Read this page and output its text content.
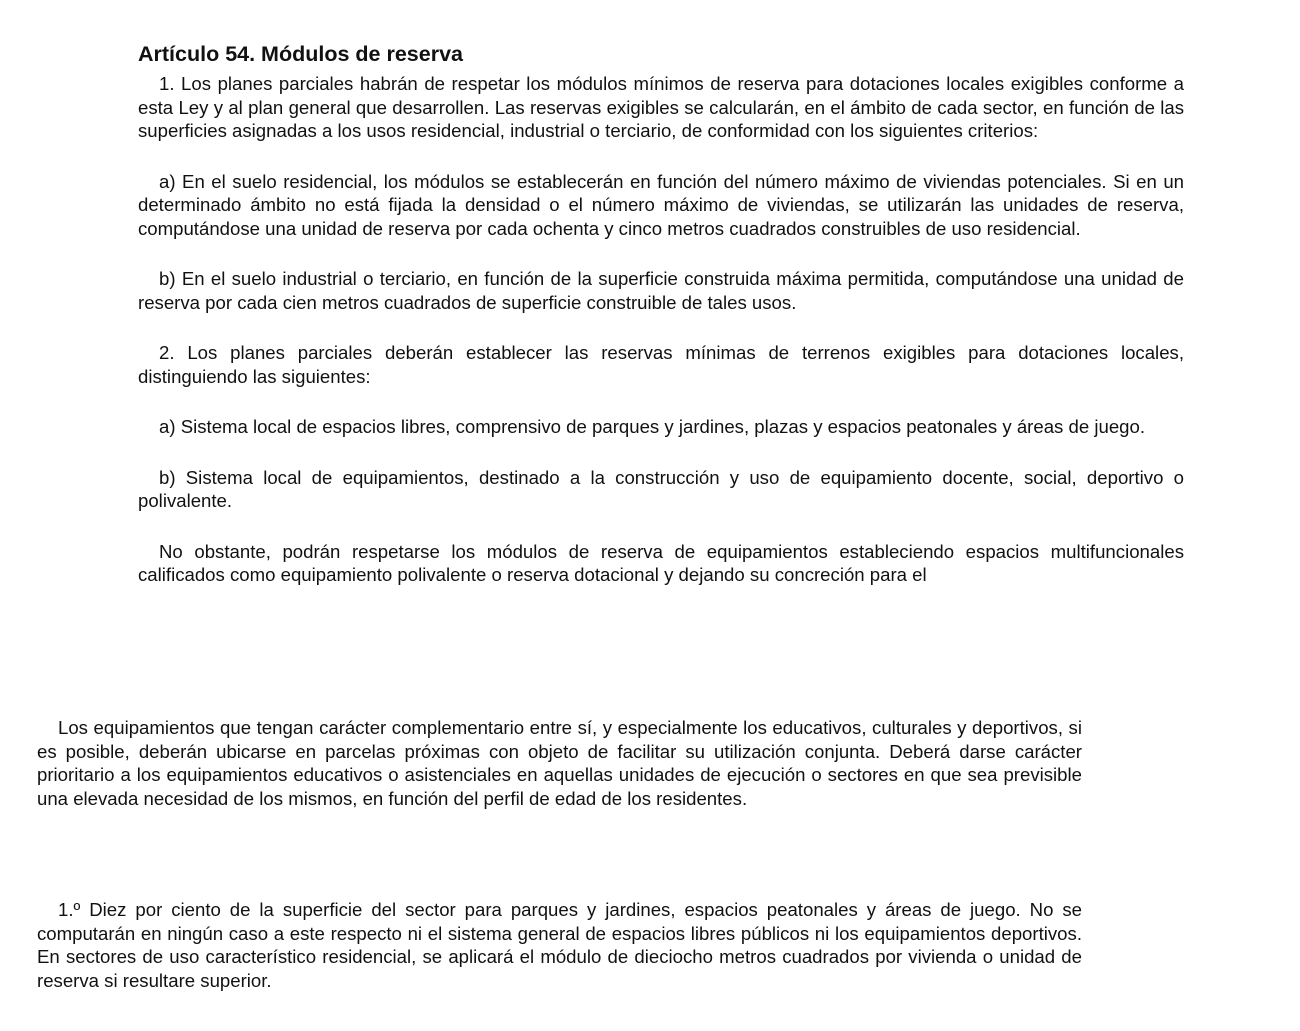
Artículo 54. Módulos de reserva

1. Los planes parciales habrán de respetar los módulos mínimos de reserva para dotaciones locales exigibles conforme a esta Ley y al plan general que desarrollen. Las reservas exigibles se calcularán, en el ámbito de cada sector, en función de las superficies asignadas a los usos residencial, industrial o terciario, de conformidad con los siguientes criterios:

a) En el suelo residencial, los módulos se establecerán en función del número máximo de viviendas potenciales. Si en un determinado ámbito no está fijada la densidad o el número máximo de viviendas, se utilizarán las unidades de reserva, computándose una unidad de reserva por cada ochenta y cinco metros cuadrados construibles de uso residencial.

b) En el suelo industrial o terciario, en función de la superficie construida máxima permitida, computándose una unidad de reserva por cada cien metros cuadrados de superficie construible de tales usos.

2. Los planes parciales deberán establecer las reservas mínimas de terrenos exigibles para dotaciones locales, distinguiendo las siguientes:

a) Sistema local de espacios libres, comprensivo de parques y jardines, plazas y espacios peatonales y áreas de juego.

b) Sistema local de equipamientos, destinado a la construcción y uso de equipamiento docente, social, deportivo o polivalente.

No obstante, podrán respetarse los módulos de reserva de equipamientos estableciendo espacios multifuncionales calificados como equipamiento polivalente o reserva dotacional y dejando su concreción para el

Los equipamientos que tengan carácter complementario entre sí, y especialmente los educativos, culturales y deportivos, si es posible, deberán ubicarse en parcelas próximas con objeto de facilitar su utilización conjunta. Deberá darse carácter prioritario a los equipamientos educativos o asistenciales en aquellas unidades de ejecución o sectores en que sea previsible una elevada necesidad de los mismos, en función del perfil de edad de los residentes.

1.º Diez por ciento de la superficie del sector para parques y jardines, espacios peatonales y áreas de juego. No se computarán en ningún caso a este respecto ni el sistema general de espacios libres públicos ni los equipamientos deportivos. En sectores de uso característico residencial, se aplicará el módulo de dieciocho metros cuadrados por vivienda o unidad de reserva si resultare superior.
